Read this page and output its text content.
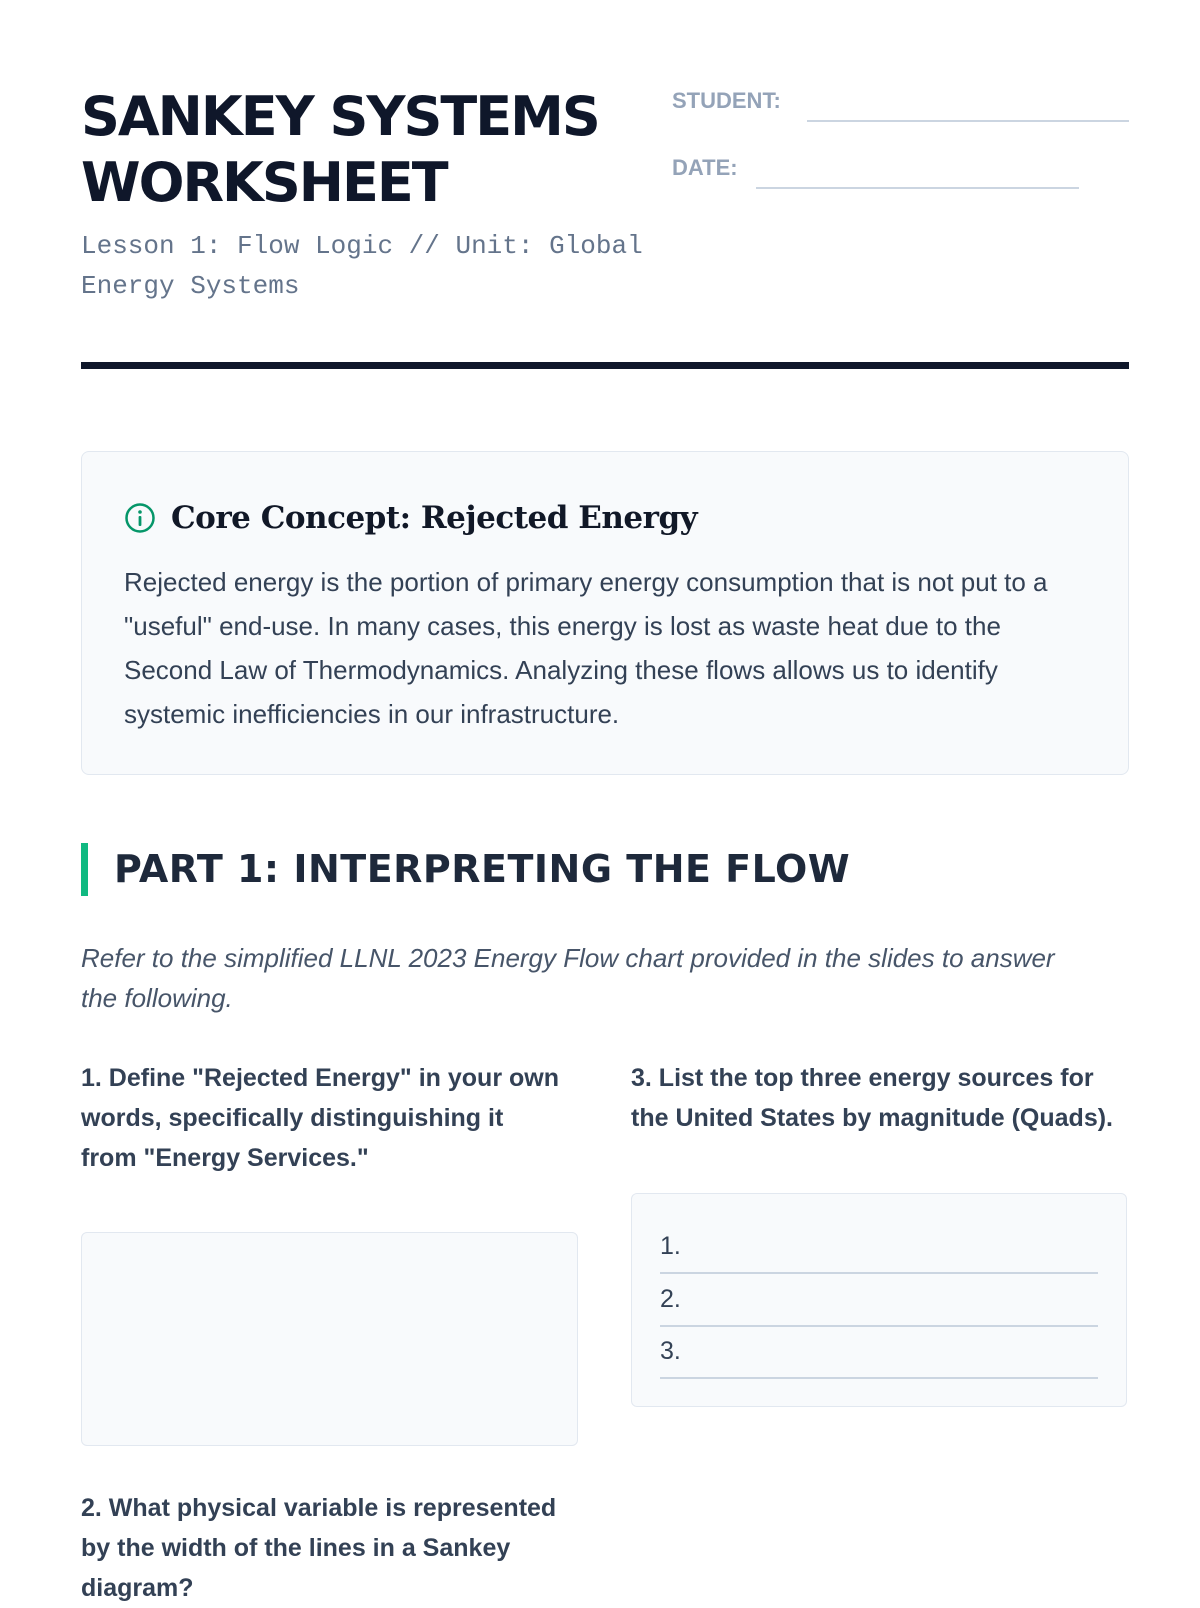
SANKEY SYSTEMS WORKSHEET
Lesson 1: Flow Logic // Unit: Global Energy Systems
STUDENT:
DATE:
Core Concept: Rejected Energy

Rejected energy is the portion of primary energy consumption that is not put to a "useful" end-use. In many cases, this energy is lost as waste heat due to the Second Law of Thermodynamics. Analyzing these flows allows us to identify systemic inefficiencies in our infrastructure.

PART 1: INTERPRETING THE FLOW

Refer to the simplified LLNL 2023 Energy Flow chart provided in the slides to answer the following.

1. Define "Rejected Energy" in your own words, specifically distinguishing it from "Energy Services."

2. What physical variable is represented by the width of the lines in a Sankey diagram?

3. List the top three energy sources for the United States by magnitude (Quads).

1.
2.
3.
